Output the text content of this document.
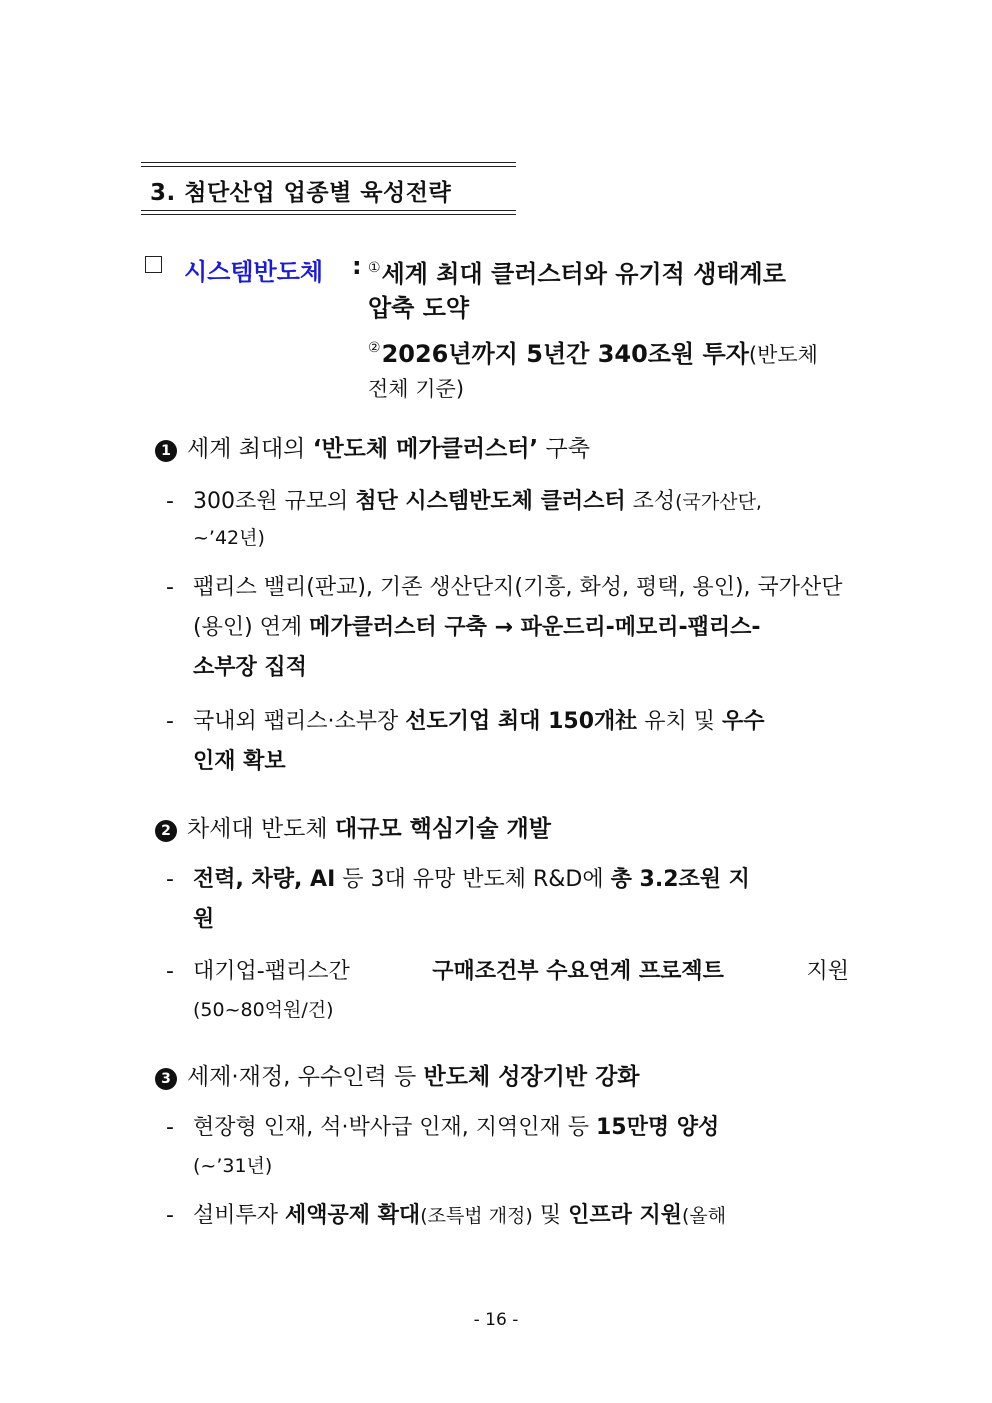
3. 첨단산업 업종별 육성전략
시스템반도체 : ①세계 최대 클러스터와 유기적 생태계로
압축 도약
②2026년까지 5년간 340조원 투자(반도체
전체 기준)
1 세계 최대의 ‘반도체 메가클러스터’ 구축
- 300조원 규모의 첨단 시스템반도체 클러스터 조성(국가산단,
~’42년)
- 팹리스 밸리(판교), 기존 생산단지(기흥, 화성, 평택, 용인), 국가산단
(용인) 연계 메가클러스터 구축 → 파운드리-메모리-팹리스-
소부장 집적
- 국내외 팹리스·소부장 선도기업 최대 150개社 유치 및 우수
인재 확보
2 차세대 반도체 대규모 핵심기술 개발
- 전력, 차량, AI 등 3대 유망 반도체 R&D에 총 3.2조원 지
원
- 대기업-팹리스간	구매조건부 수요연계 프로젝트	지원
(50~80억원/건)
3 세제·재정, 우수인력 등 반도체 성장기반 강화
- 현장형 인재, 석·박사급 인재, 지역인재 등 15만명 양성
(~’31년)
- 설비투자 세액공제 확대(조특법 개정) 및 인프라 지원(올해
- 16 -
